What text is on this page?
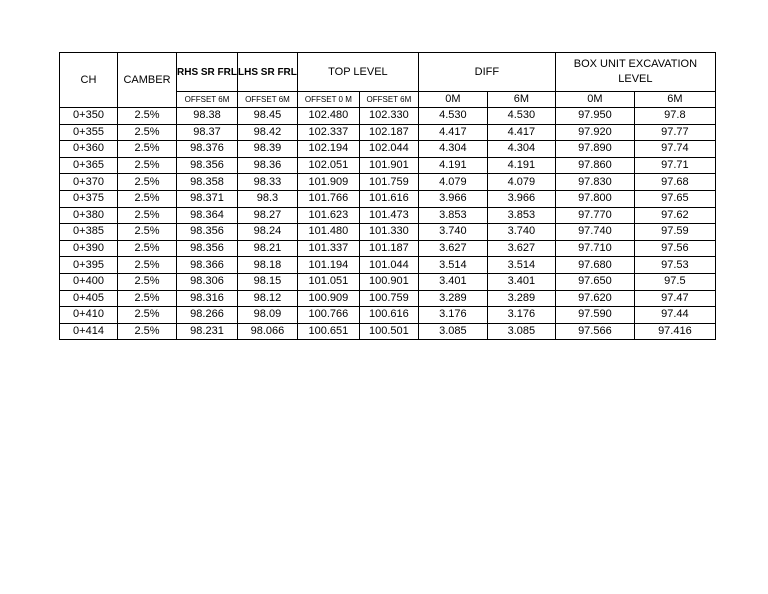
CH	CAMBER	RHS SR FRL	LHS SR FRL	TOP LEVEL		DIFF		BOX UNIT EXCAVATION LEVEL	
		OFFSET 6M	OFFSET 6M	OFFSET 0 M	OFFSET 6M	0M	6M	0M	6M
0+350	2.5%	98.38	98.45	102.480	102.330	4.530	4.530	97.950	97.8
0+355	2.5%	98.37	98.42	102.337	102.187	4.417	4.417	97.920	97.77
0+360	2.5%	98.376	98.39	102.194	102.044	4.304	4.304	97.890	97.74
0+365	2.5%	98.356	98.36	102.051	101.901	4.191	4.191	97.860	97.71
0+370	2.5%	98.358	98.33	101.909	101.759	4.079	4.079	97.830	97.68
0+375	2.5%	98.371	98.3	101.766	101.616	3.966	3.966	97.800	97.65
0+380	2.5%	98.364	98.27	101.623	101.473	3.853	3.853	97.770	97.62
0+385	2.5%	98.356	98.24	101.480	101.330	3.740	3.740	97.740	97.59
0+390	2.5%	98.356	98.21	101.337	101.187	3.627	3.627	97.710	97.56
0+395	2.5%	98.366	98.18	101.194	101.044	3.514	3.514	97.680	97.53
0+400	2.5%	98.306	98.15	101.051	100.901	3.401	3.401	97.650	97.5
0+405	2.5%	98.316	98.12	100.909	100.759	3.289	3.289	97.620	97.47
0+410	2.5%	98.266	98.09	100.766	100.616	3.176	3.176	97.590	97.44
0+414	2.5%	98.231	98.066	100.651	100.501	3.085	3.085	97.566	97.416
